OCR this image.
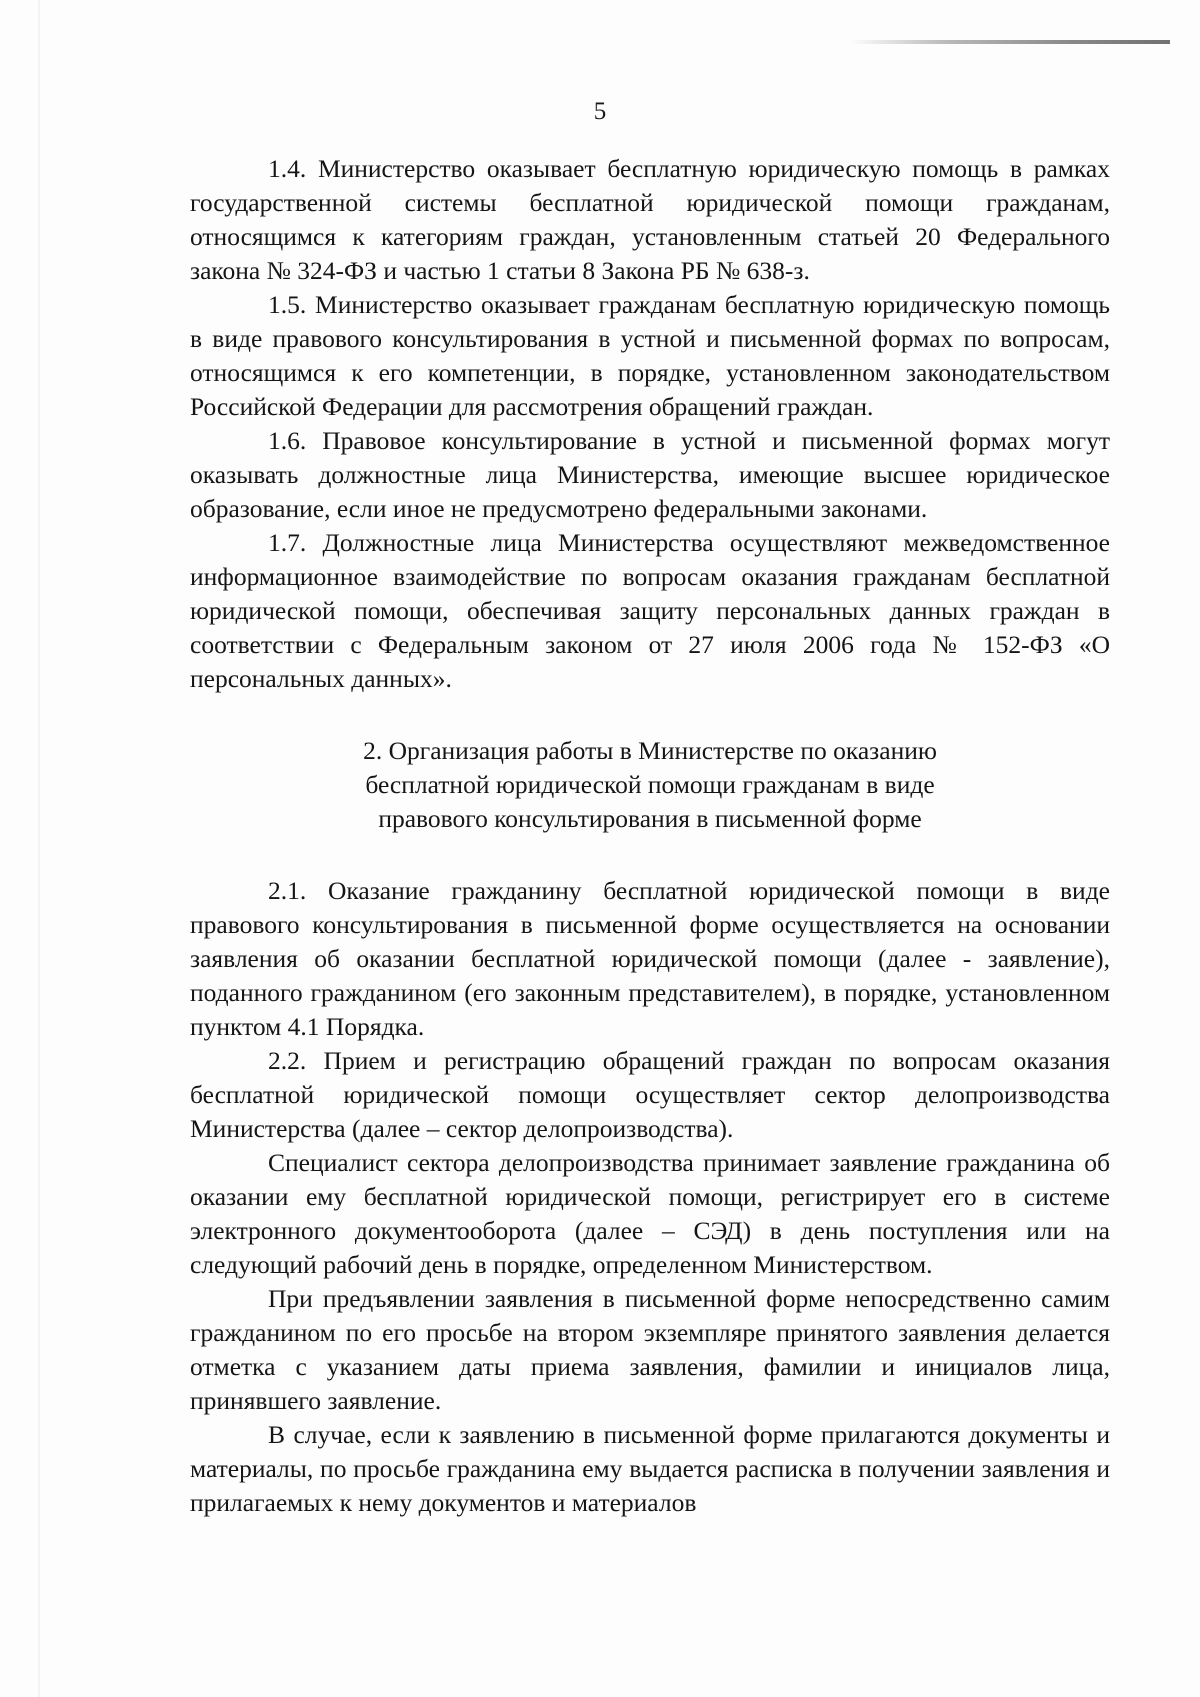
5

1.4. Министерство оказывает бесплатную юридическую помощь в рамках государственной системы бесплатной юридической помощи гражданам, относящимся к категориям граждан, установленным статьей 20 Федерального закона № 324-ФЗ и частью 1 статьи 8 Закона РБ № 638-з.

1.5. Министерство оказывает гражданам бесплатную юридическую помощь в виде правового консультирования в устной и письменной формах по вопросам, относящимся к его компетенции, в порядке, установленном законодательством Российской Федерации для рассмотрения обращений граждан.

1.6. Правовое консультирование в устной и письменной формах могут оказывать должностные лица Министерства, имеющие высшее юридическое образование, если иное не предусмотрено федеральными законами.

1.7. Должностные лица Министерства осуществляют межведомственное информационное взаимодействие по вопросам оказания гражданам бесплатной юридической помощи, обеспечивая защиту персональных данных граждан в соответствии с Федеральным законом от 27 июля 2006 года № 152-ФЗ «О персональных данных».

2. Организация работы в Министерстве по оказанию
бесплатной юридической помощи гражданам в виде
правового консультирования в письменной форме

2.1. Оказание гражданину бесплатной юридической помощи в виде правового консультирования в письменной форме осуществляется на основании заявления об оказании бесплатной юридической помощи (далее - заявление), поданного гражданином (его законным представителем), в порядке, установленном пунктом 4.1 Порядка.

2.2. Прием и регистрацию обращений граждан по вопросам оказания бесплатной юридической помощи осуществляет сектор делопроизводства Министерства (далее – сектор делопроизводства).

Специалист сектора делопроизводства принимает заявление гражданина об оказании ему бесплатной юридической помощи, регистрирует его в системе электронного документооборота (далее – СЭД) в день поступления или на следующий рабочий день в порядке, определенном Министерством.

При предъявлении заявления в письменной форме непосредственно самим гражданином по его просьбе на втором экземпляре принятого заявления делается отметка с указанием даты приема заявления, фамилии и инициалов лица, принявшего заявление.

В случае, если к заявлению в письменной форме прилагаются документы и материалы, по просьбе гражданина ему выдается расписка в получении заявления и прилагаемых к нему документов и материалов
